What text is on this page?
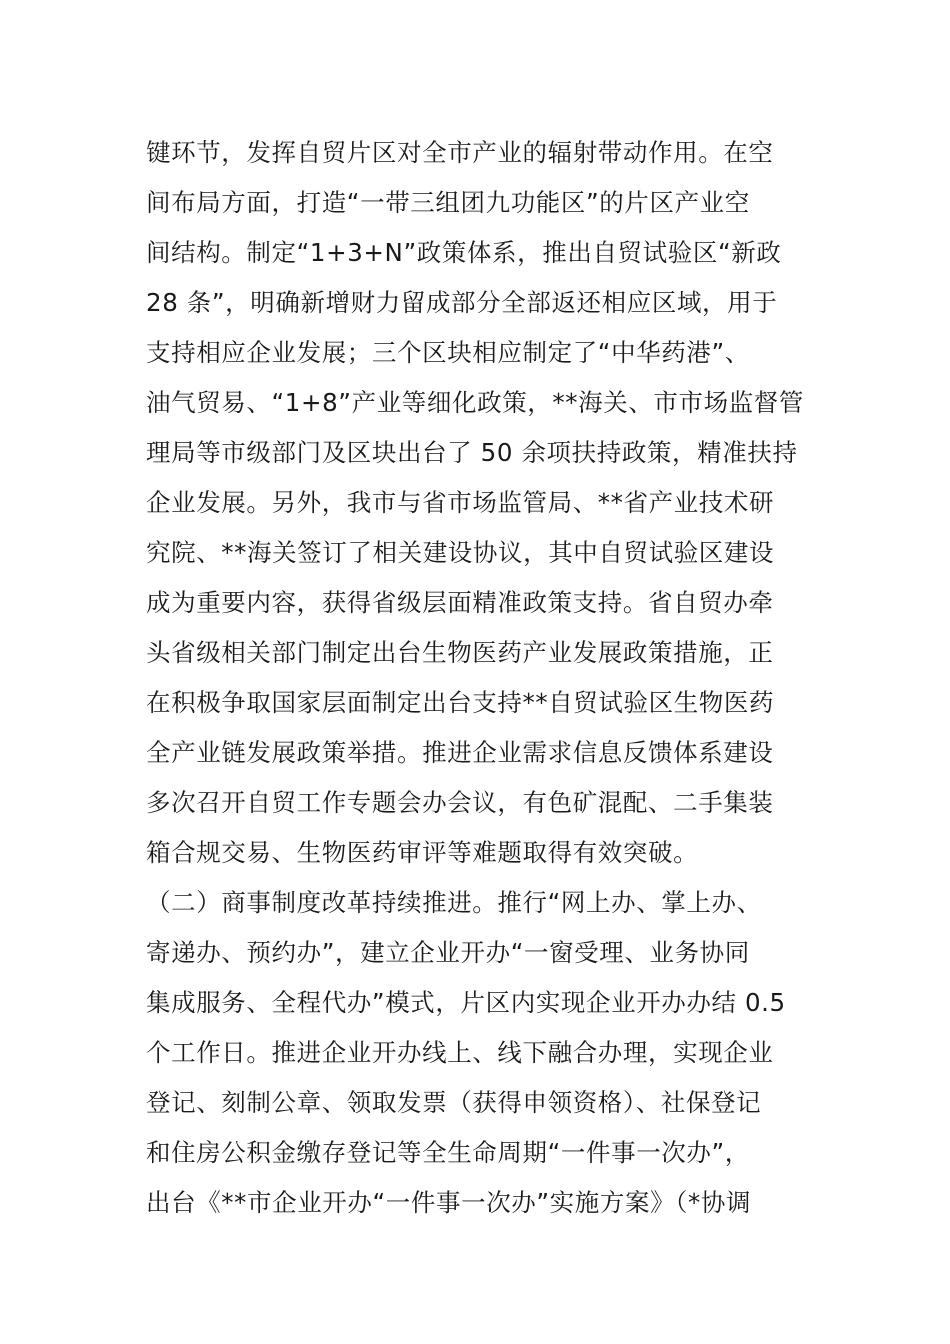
键环节，发挥自贸片区对全市产业的辐射带动作用。在空
间布局方面，打造“一带三组团九功能区”的片区产业空
间结构。制定“1+3+N”政策体系，推出自贸试验区“新政
28 条”，明确新增财力留成部分全部返还相应区域，用于
支持相应企业发展；三个区块相应制定了“中华药港”、
油气贸易、“1+8”产业等细化政策，**海关、市市场监督管
理局等市级部门及区块出台了 50 余项扶持政策，精准扶持
企业发展。另外，我市与省市场监管局、**省产业技术研
究院、**海关签订了相关建设协议，其中自贸试验区建设
成为重要内容，获得省级层面精准政策支持。省自贸办牵
头省级相关部门制定出台生物医药产业发展政策措施，正
在积极争取国家层面制定出台支持**自贸试验区生物医药
全产业链发展政策举措。推进企业需求信息反馈体系建设
多次召开自贸工作专题会办会议，有色矿混配、二手集装
箱合规交易、生物医药审评等难题取得有效突破。
（二）商事制度改革持续推进。推行“网上办、掌上办、
寄递办、预约办”，建立企业开办“一窗受理、业务协同
集成服务、全程代办”模式，片区内实现企业开办办结 0.5
个工作日。推进企业开办线上、线下融合办理，实现企业
登记、刻制公章、领取发票（获得申领资格）、社保登记
和住房公积金缴存登记等全生命周期“一件事一次办”，
出台《**市企业开办“一件事一次办”实施方案》（*协调
